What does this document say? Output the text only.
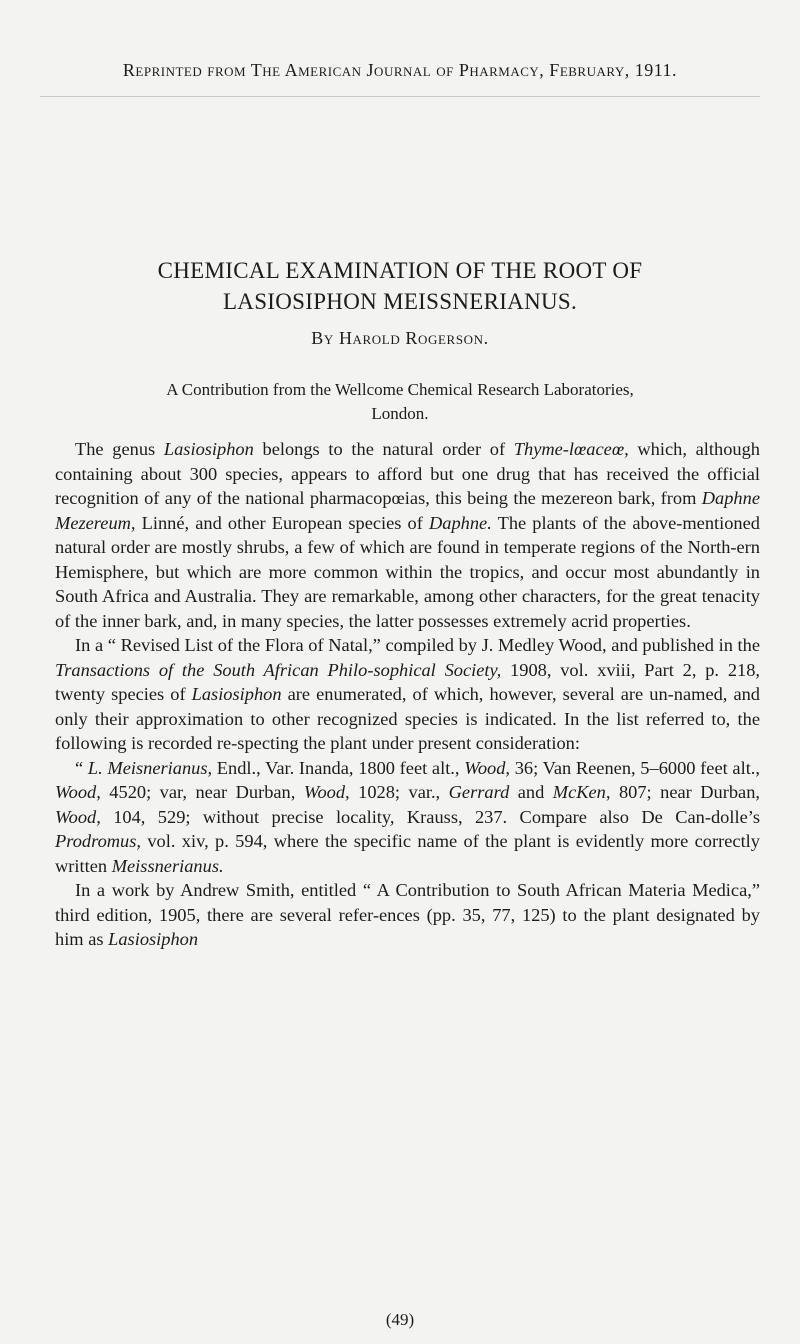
Reprinted from The American Journal of Pharmacy, February, 1911.
CHEMICAL EXAMINATION OF THE ROOT OF
LASIOSIPHON MEISSNERIANUS.
By Harold Rogerson.
A Contribution from the Wellcome Chemical Research Laboratories,
London.

The genus Lasiosiphon belongs to the natural order of Thyme-lœaceœ, which, although containing about 300 species, appears to afford but one drug that has received the official recognition of any of the national pharmacopœias, this being the mezereon bark, from Daphne Mezereum, Linné, and other European species of Daphne. The plants of the above-mentioned natural order are mostly shrubs, a few of which are found in temperate regions of the North-ern Hemisphere, but which are more common within the tropics, and occur most abundantly in South Africa and Australia. They are remarkable, among other characters, for the great tenacity of the inner bark, and, in many species, the latter possesses extremely acrid properties.

In a “ Revised List of the Flora of Natal,” compiled by J. Medley Wood, and published in the Transactions of the South African Philo-sophical Society, 1908, vol. xviii, Part 2, p. 218, twenty species of Lasiosiphon are enumerated, of which, however, several are un-named, and only their approximation to other recognized species is indicated. In the list referred to, the following is recorded re-specting the plant under present consideration:

“ L. Meisnerianus, Endl., Var. Inanda, 1800 feet alt., Wood, 36; Van Reenen, 5–6000 feet alt., Wood, 4520; var, near Durban, Wood, 1028; var., Gerrard and McKen, 807; near Durban, Wood, 104, 529; without precise locality, Krauss, 237. Compare also De Can-dolle’s Prodromus, vol. xiv, p. 594, where the specific name of the plant is evidently more correctly written Meissnerianus.

In a work by Andrew Smith, entitled “ A Contribution to South African Materia Medica,” third edition, 1905, there are several refer-ences (pp. 35, 77, 125) to the plant designated by him as Lasiosiphon

(49)
